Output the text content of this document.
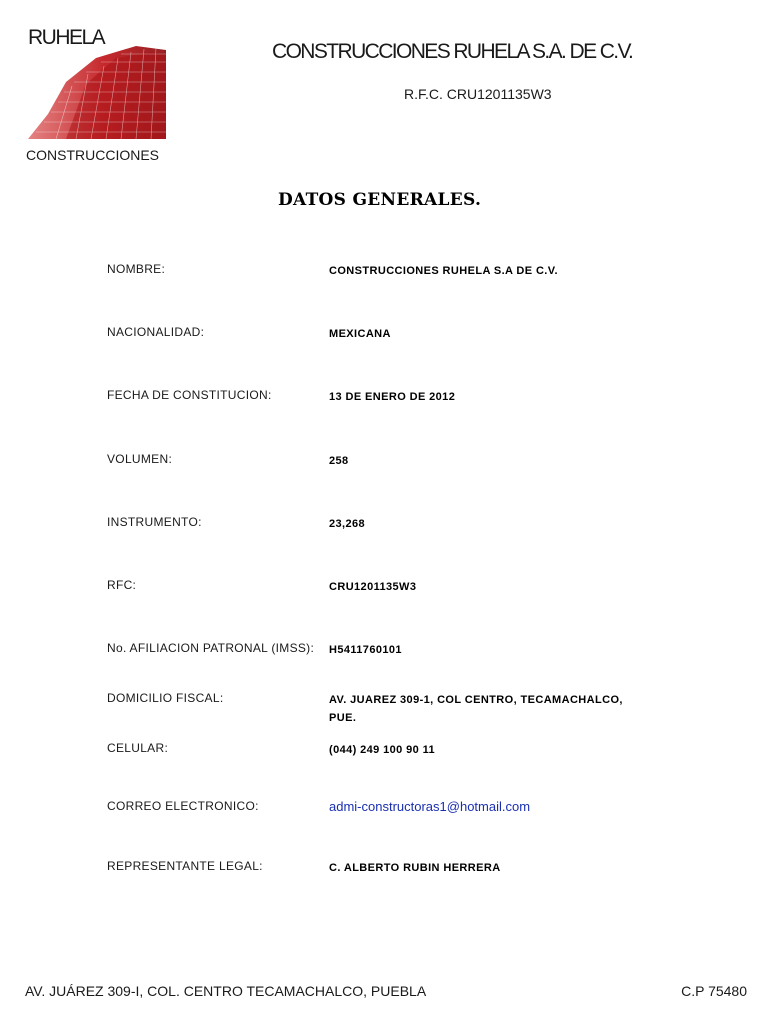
RUHELA
CONSTRUCCIONES
CONSTRUCCIONES RUHELA S.A. DE C.V.
R.F.C. CRU1201135W3
DATOS GENERALES.
NOMBRE:	CONSTRUCCIONES RUHELA S.A DE C.V.
NACIONALIDAD:	MEXICANA
FECHA DE CONSTITUCION:	13 DE ENERO DE 2012
VOLUMEN:	258
INSTRUMENTO:	23,268
RFC:	CRU1201135W3
No. AFILIACION PATRONAL (IMSS): H5411760101
DOMICILIO FISCAL:	AV. JUAREZ 309-1, COL CENTRO, TECAMACHALCO, PUE.
CELULAR:	(044) 249 100 90 11
CORREO ELECTRONICO:	admi-constructoras1@hotmail.com
REPRESENTANTE LEGAL:	C. ALBERTO RUBIN HERRERA
AV. JUÁREZ 309-I, COL. CENTRO TECAMACHALCO, PUEBLA	C.P 75480
